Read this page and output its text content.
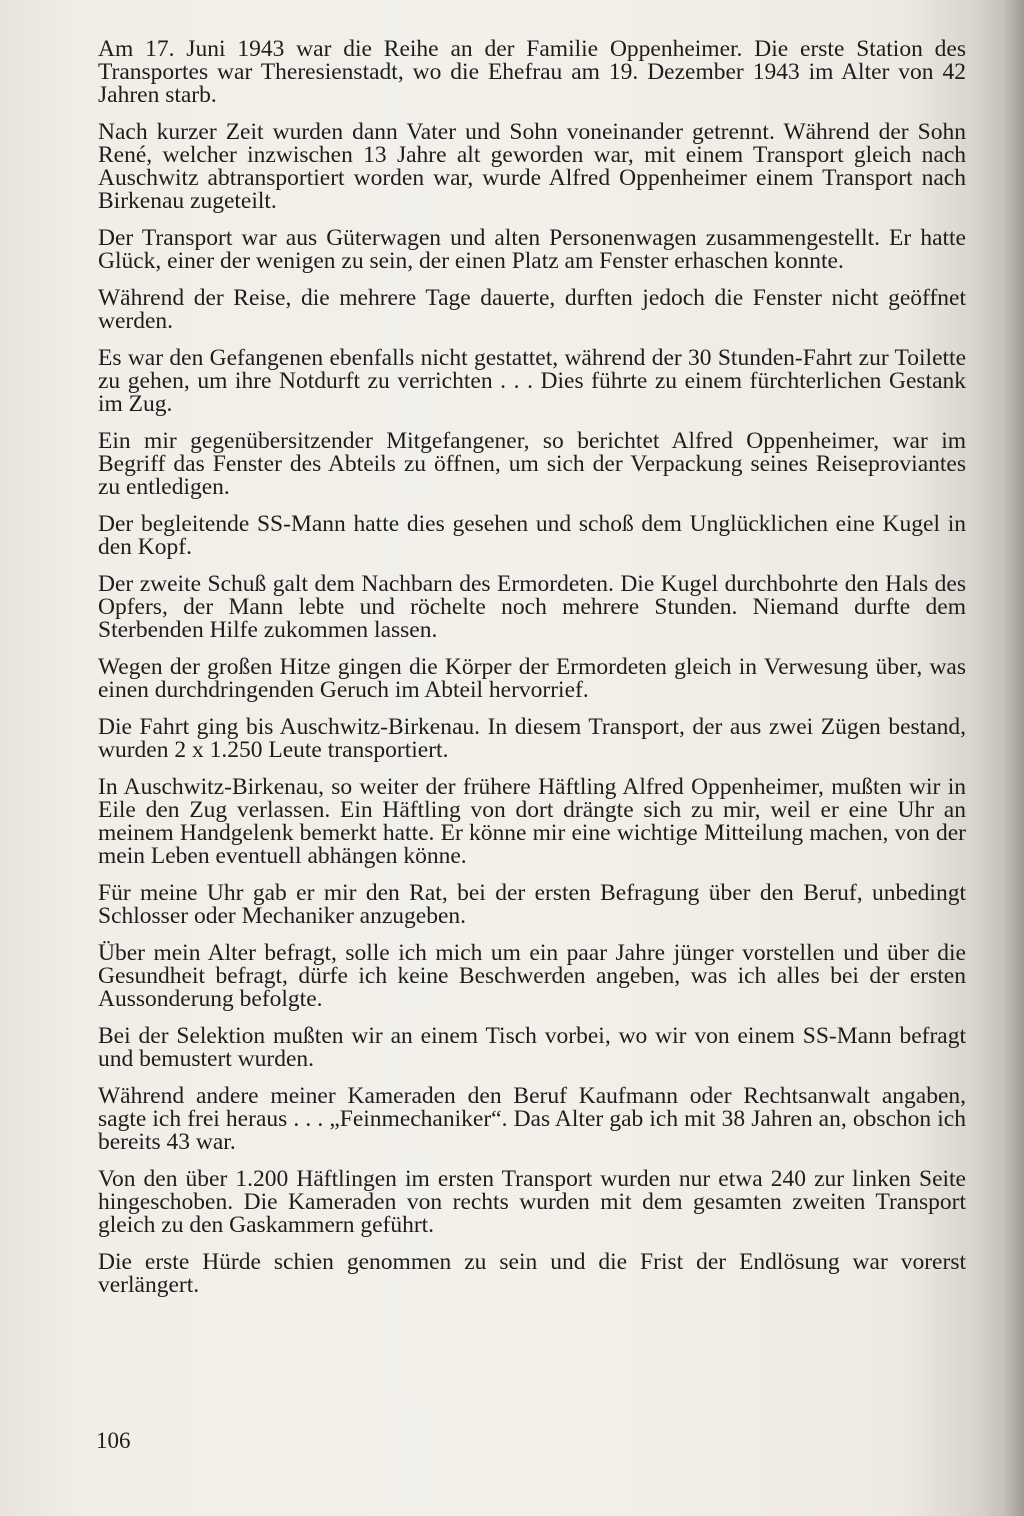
Am 17. Juni 1943 war die Reihe an der Familie Oppenheimer. Die erste Station des Transportes war Theresienstadt, wo die Ehefrau am 19. Dezember 1943 im Alter von 42 Jahren starb.

Nach kurzer Zeit wurden dann Vater und Sohn voneinander getrennt. Während der Sohn René, welcher inzwischen 13 Jahre alt geworden war, mit einem Transport gleich nach Auschwitz abtransportiert worden war, wurde Alfred Oppenheimer einem Transport nach Birkenau zugeteilt.

Der Transport war aus Güterwagen und alten Personenwagen zusammengestellt. Er hatte Glück, einer der wenigen zu sein, der einen Platz am Fenster erhaschen konnte.

Während der Reise, die mehrere Tage dauerte, durften jedoch die Fenster nicht geöffnet werden.

Es war den Gefangenen ebenfalls nicht gestattet, während der 30 Stunden-Fahrt zur Toilette zu gehen, um ihre Notdurft zu verrichten . . . Dies führte zu einem fürchterlichen Gestank im Zug.

Ein mir gegenübersitzender Mitgefangener, so berichtet Alfred Oppenheimer, war im Begriff das Fenster des Abteils zu öffnen, um sich der Verpackung seines Reiseproviantes zu entledigen.

Der begleitende SS-Mann hatte dies gesehen und schoß dem Unglücklichen eine Kugel in den Kopf.

Der zweite Schuß galt dem Nachbarn des Ermordeten. Die Kugel durchbohrte den Hals des Opfers, der Mann lebte und röchelte noch mehrere Stunden. Niemand durfte dem Sterbenden Hilfe zukommen lassen.

Wegen der großen Hitze gingen die Körper der Ermordeten gleich in Verwesung über, was einen durchdringenden Geruch im Abteil hervorrief.

Die Fahrt ging bis Auschwitz-Birkenau. In diesem Transport, der aus zwei Zügen bestand, wurden 2 x 1.250 Leute transportiert.

In Auschwitz-Birkenau, so weiter der frühere Häftling Alfred Oppenheimer, mußten wir in Eile den Zug verlassen. Ein Häftling von dort drängte sich zu mir, weil er eine Uhr an meinem Handgelenk bemerkt hatte. Er könne mir eine wichtige Mitteilung machen, von der mein Leben eventuell abhängen könne.

Für meine Uhr gab er mir den Rat, bei der ersten Befragung über den Beruf, unbedingt Schlosser oder Mechaniker anzugeben.

Über mein Alter befragt, solle ich mich um ein paar Jahre jünger vorstellen und über die Gesundheit befragt, dürfe ich keine Beschwerden angeben, was ich alles bei der ersten Aussonderung befolgte.

Bei der Selektion mußten wir an einem Tisch vorbei, wo wir von einem SS-Mann befragt und bemustert wurden.

Während andere meiner Kameraden den Beruf Kaufmann oder Rechtsanwalt angaben, sagte ich frei heraus . . . „Feinmechaniker“. Das Alter gab ich mit 38 Jahren an, obschon ich bereits 43 war.

Von den über 1.200 Häftlingen im ersten Transport wurden nur etwa 240 zur linken Seite hingeschoben. Die Kameraden von rechts wurden mit dem gesamten zweiten Transport gleich zu den Gaskammern geführt.

Die erste Hürde schien genommen zu sein und die Frist der Endlösung war vorerst verlängert.

106
